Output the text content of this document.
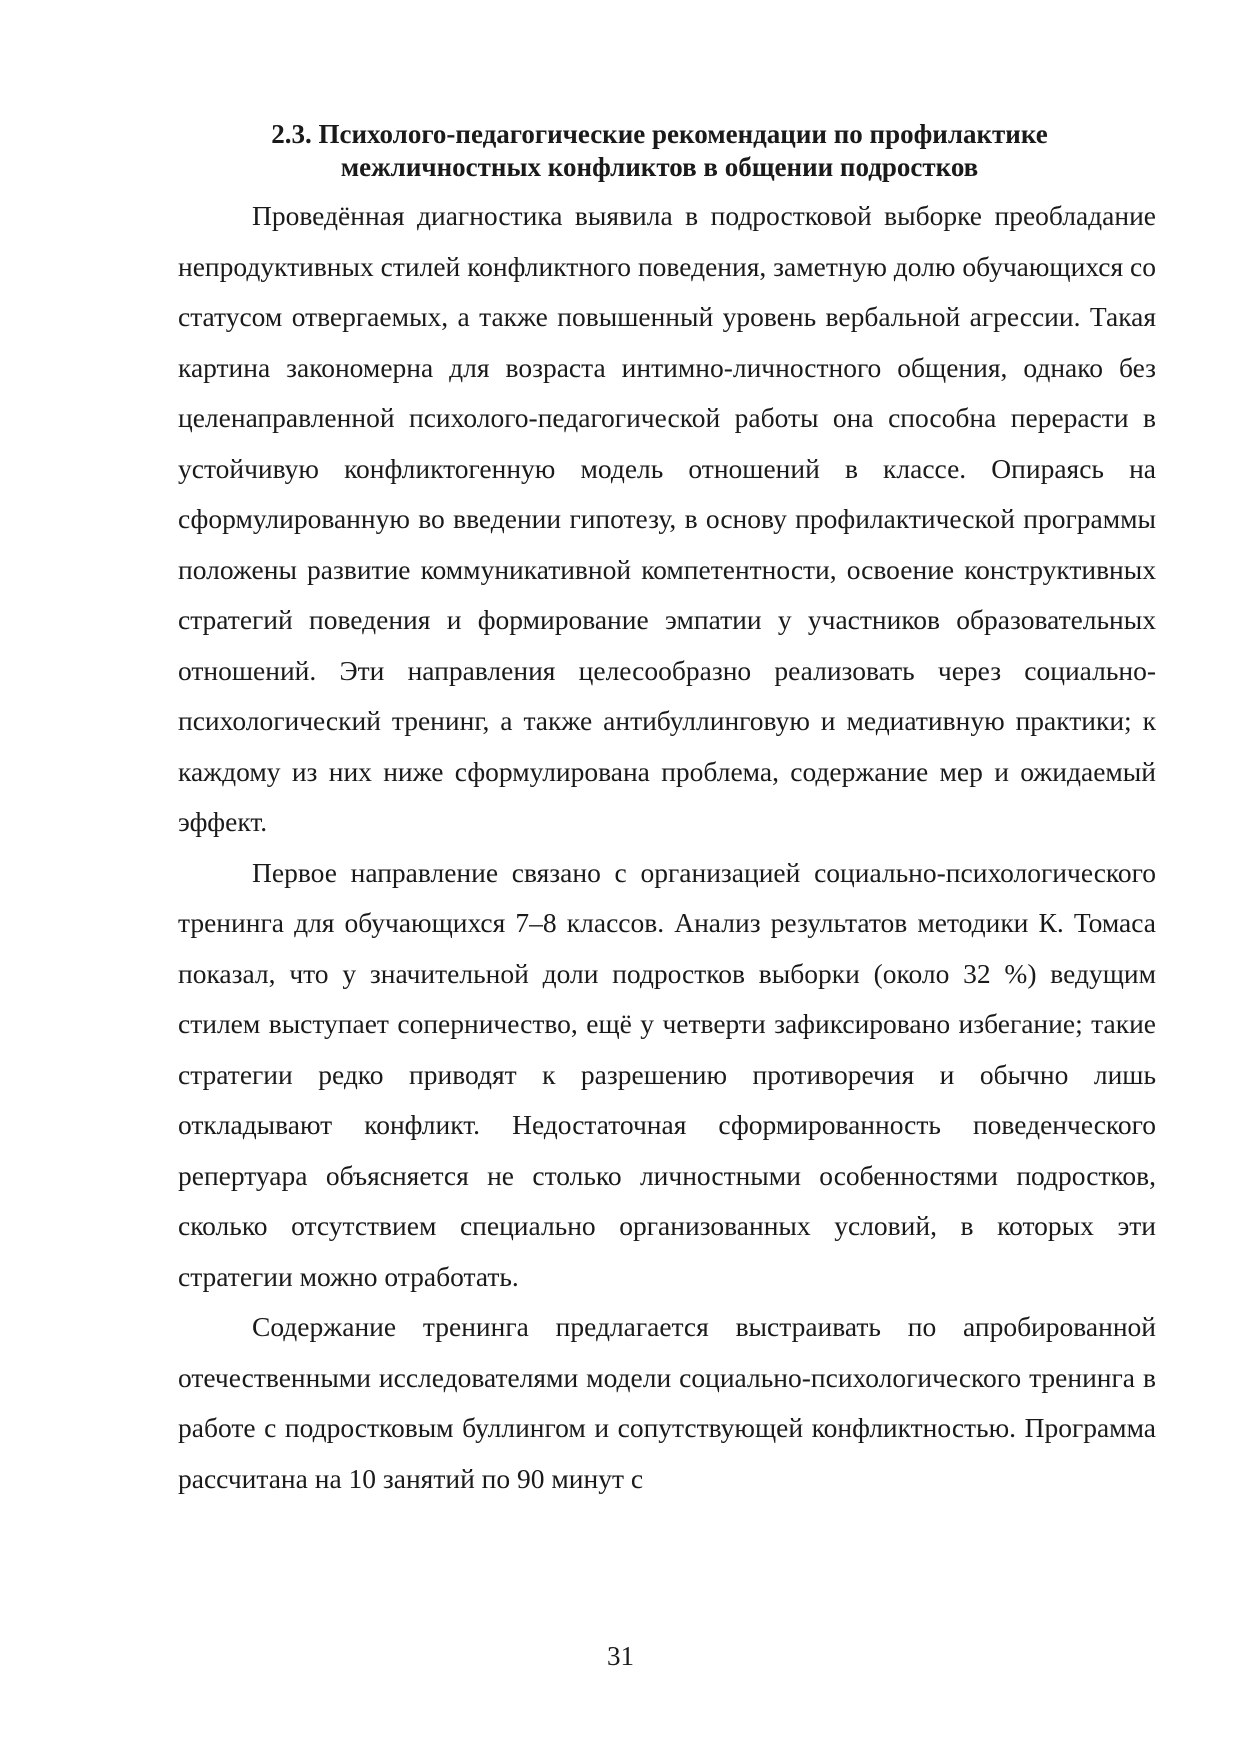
2.3. Психолого-педагогические рекомендации по профилактике
межличностных конфликтов в общении подростков

Проведённая диагностика выявила в подростковой выборке преобладание непродуктивных стилей конфликтного поведения, заметную долю обучающихся со статусом отвергаемых, а также повышенный уровень вербальной агрессии. Такая картина закономерна для возраста интимно-личностного общения, однако без целенаправленной психолого-педагогической работы она способна перерасти в устойчивую конфликтогенную модель отношений в классе. Опираясь на сформулированную во введении гипотезу, в основу профилактической программы положены развитие коммуникативной компетентности, освоение конструктивных стратегий поведения и формирование эмпатии у участников образовательных отношений. Эти направления целесообразно реализовать через социально-психологический тренинг, а также антибуллинговую и медиативную практики; к каждому из них ниже сформулирована проблема, содержание мер и ожидаемый эффект.

Первое направление связано с организацией социально-психологического тренинга для обучающихся 7–8 классов. Анализ результатов методики К. Томаса показал, что у значительной доли подростков выборки (около 32 %) ведущим стилем выступает соперничество, ещё у четверти зафиксировано избегание; такие стратегии редко приводят к разрешению противоречия и обычно лишь откладывают конфликт. Недостаточная сформированность поведенческого репертуара объясняется не столько личностными особенностями подростков, сколько отсутствием специально организованных условий, в которых эти стратегии можно отработать.

Содержание тренинга предлагается выстраивать по апробированной отечественными исследователями модели социально-психологического тренинга в работе с подростковым буллингом и сопутствующей конфликтностью. Программа рассчитана на 10 занятий по 90 минут с

31
